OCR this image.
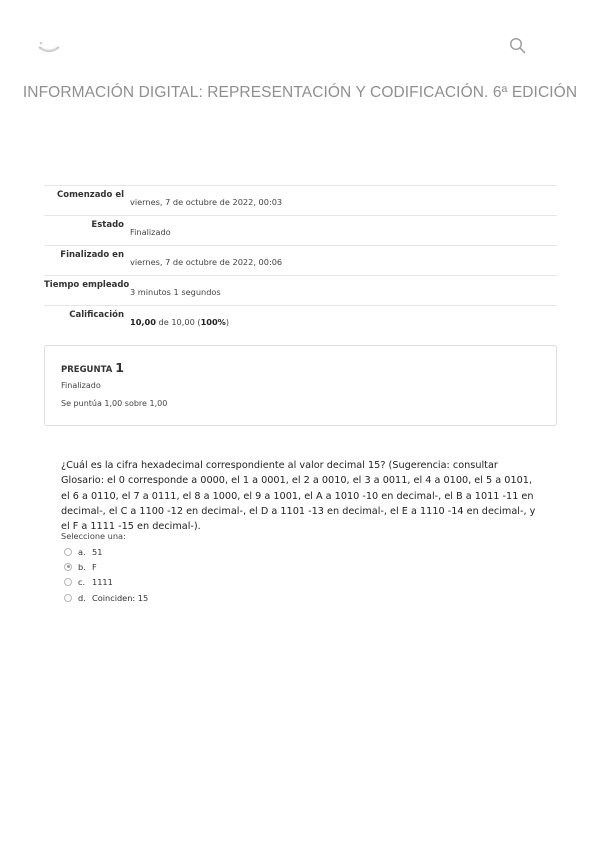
INFORMACIÓN DIGITAL: REPRESENTACIÓN Y CODIFICACIÓN. 6ª EDICIÓN
Comenzado el
viernes, 7 de octubre de 2022, 00:03
Estado
Finalizado
Finalizado en
viernes, 7 de octubre de 2022, 00:06
Tiempo empleado
3 minutos 1 segundos
Calificación
10,00 de 10,00 (100%)
PREGUNTA 1
Finalizado
Se puntúa 1,00 sobre 1,00
¿Cuál es la cifra hexadecimal correspondiente al valor decimal 15? (Sugerencia: consultar Glosario: el 0 corresponde a 0000, el 1 a 0001, el 2 a 0010, el 3 a 0011, el 4 a 0100, el 5 a 0101, el 6 a 0110, el 7 a 0111, el 8 a 1000, el 9 a 1001, el A a 1010 -10 en decimal-, el B a 1011 -11 en decimal-, el C a 1100 -12 en decimal-, el D a 1101 -13 en decimal-, el E a 1110 -14 en decimal-, y el F a 1111 -15 en decimal-).
Seleccione una:
a. 51
b. F
c. 1111
d. Coinciden: 15
